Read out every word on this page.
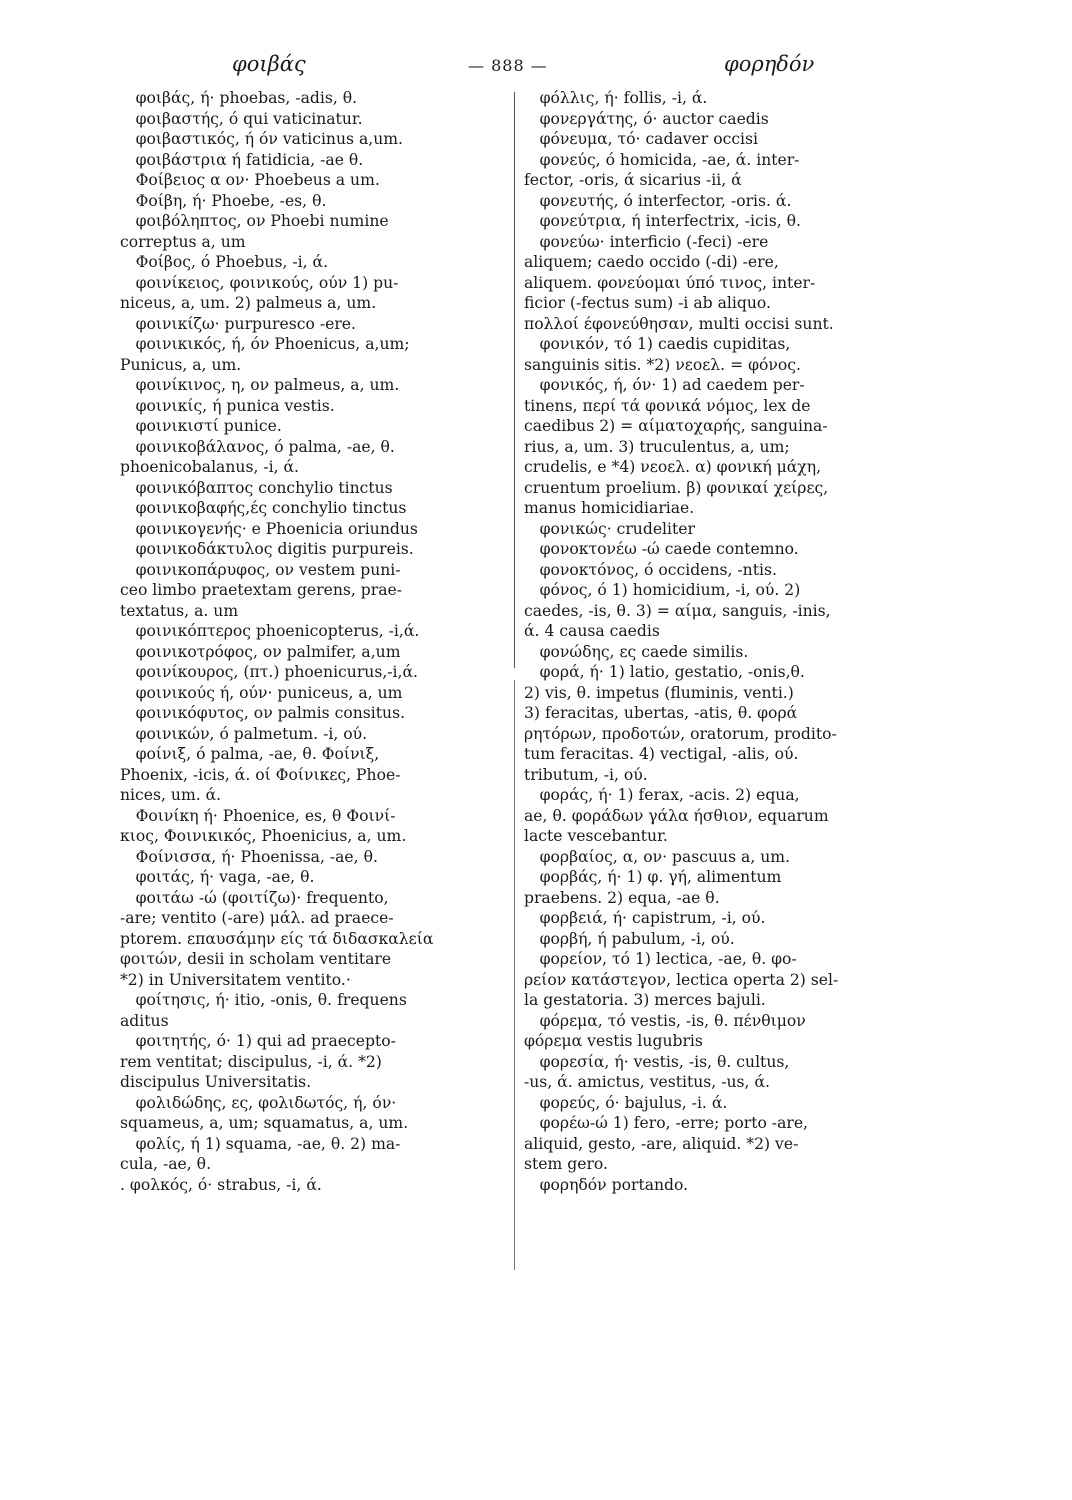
φοιβάς	— 888 —	φορηδόν
 φοιβάς, ή· phoebas, -adis, θ.
 φοιβαστής, ό qui vaticinatur.
 φοιβαστικός, ή όν vaticinus a,um.
 φοιβάστρια ή fatidicia, -ae θ.
 Φοίβειος α ον· Phoebeus a um.
 Φοίβη, ή· Phoebe, -es, θ.
 φοιβόληπτος, ον Phoebi numine
correptus a, um
 Φοίβος, ό Phoebus, -i, ά.
 φοινίκειος, φοινικούς, ούν 1) pu-
niceus, a, um. 2) palmeus a, um.
 φοινικίζω· purpuresco -ere.
 φοινικικός, ή, όν Phoenicus, a,um;
Punicus, a, um.
 φοινίκινος, η, ον palmeus, a, um.
 φοινικίς, ή punica vestis.
 φοινικιστί punice.
 φοινικοβάλανος, ό palma, -ae, θ.
phoenicobalanus, -i, ά.
 φοινικόβαπτος conchylio tinctus
 φοινικοβαφής,ές conchylio tinctus
 φοινικογενής· e Phoenicia oriundus
 φοινικοδάκτυλος digitis purpureis.
 φοινικοπάρυφος, ον vestem puni-
ceo limbo praetextam gerens, prae-
textatus, a. um
 φοινικόπτερος phoenicopterus, -i,ά.
 φοινικοτρόφος, ον palmifer, a,um
 φοινίκουρος, (πτ.) phoenicurus,-i,ά.
 φοινικούς ή, ούν· puniceus, a, um
 φοινικόφυτος, ον palmis consitus.
 φοινικών, ό palmetum. -i, ού.
 φοίνιξ, ό palma, -ae, θ. Φοίνιξ,
Phoenix, -icis, ά. οί Φοίνικες, Phoe-
nices, um. ά.
 Φοινίκη ή· Phoenice, es, θ Φοινί-
κιος, Φοινικικός, Phoenicius, a, um.
 Φοίνισσα, ή· Phoenissa, -ae, θ.
 φοιτάς, ή· vaga, -ae, θ.
 φοιτάω -ώ (φοιτίζω)· frequento,
-are; ventito (-are) μάλ. ad praece-
ptorem. επαυσάμην είς τά διδασκαλεία
φοιτών, desii in scholam ventitare
*2) in Universitatem ventito.·
 φοίτησις, ή· itio, -onis, θ. frequens
aditus
 φοιτητής, ό· 1) qui ad praecepto-
rem ventitat; discipulus, -i, ά. *2)
discipulus Universitatis.
 φολιδώδης, ες, φολιδωτός, ή, όν·
squameus, a, um; squamatus, a, um.
 φολίς, ή 1) squama, -ae, θ. 2) ma-
cula, -ae, θ.
. φολκός, ό· strabus, -i, ά.
 φόλλις, ή· follis, -i, ά.
 φονεργάτης, ό· auctor caedis
 φόνευμα, τό· cadaver occisi
 φονεύς, ό homicida, -ae, ά. inter-
fector, -oris, ά sicarius -ii, ά
 φονευτής, ό interfector, -oris. ά.
 φονεύτρια, ή interfectrix, -icis, θ.
 φονεύω· interficio (-feci) -ere
aliquem; caedo occido (-di) -ere,
aliquem. φονεύομαι ύπό τινος, inter-
ficior (-fectus sum) -i ab aliquo.
πολλοί έφονεύθησαν, multi occisi sunt.
 φονικόν, τό 1) caedis cupiditas,
sanguinis sitis. *2) νεοελ. = φόνος.
 φονικός, ή, όν· 1) ad caedem per-
tinens, περί τά φονικά νόμος, lex de
caedibus 2) = αίματοχαρής, sanguina-
rius, a, um. 3) truculentus, a, um;
crudelis, e *4) νεοελ. α) φονική μάχη,
cruentum proelium. β) φονικαί χείρες,
manus homicidiariae.
 φονικώς· crudeliter
 φονοκτονέω -ώ caede contemno.
 φονοκτόνος, ό occidens, -ntis.
 φόνος, ό 1) homicidium, -i, ού. 2)
caedes, -is, θ. 3) = αίμα, sanguis, -inis,
ά. 4 causa caedis
 φονώδης, ες caede similis.
 φορά, ή· 1) latio, gestatio, -onis,θ.
2) vis, θ. impetus (fluminis, venti.)
3) feracitas, ubertas, -atis, θ. φορά
ρητόρων, προδοτών, oratorum, prodito-
tum feracitas. 4) vectigal, -alis, ού.
tributum, -i, ού.
 φοράς, ή· 1) ferax, -acis. 2) equa,
ae, θ. φοράδων γάλα ήσθιον, equarum
lacte vescebantur.
 φορβαίος, α, ον· pascuus a, um.
 φορβάς, ή· 1) φ. γή, alimentum
praebens. 2) equa, -ae θ.
 φορβειά, ή· capistrum, -i, ού.
 φορβή, ή pabulum, -i, ού.
 φορείον, τό 1) lectica, -ae, θ. φο-
ρείον κατάστεγον, lectica operta 2) sel-
la gestatoria. 3) merces bajuli.
 φόρεμα, τό vestis, -is, θ. πένθιμον
φόρεμα vestis lugubris
 φορεσία, ή· vestis, -is, θ. cultus,
-us, ά. amictus, vestitus, -us, ά.
 φορεύς, ό· bajulus, -i. ά.
 φορέω-ώ 1) fero, -erre; porto -are,
aliquid, gesto, -are, aliquid. *2) ve-
stem gero.
 φορηδόν portando.
